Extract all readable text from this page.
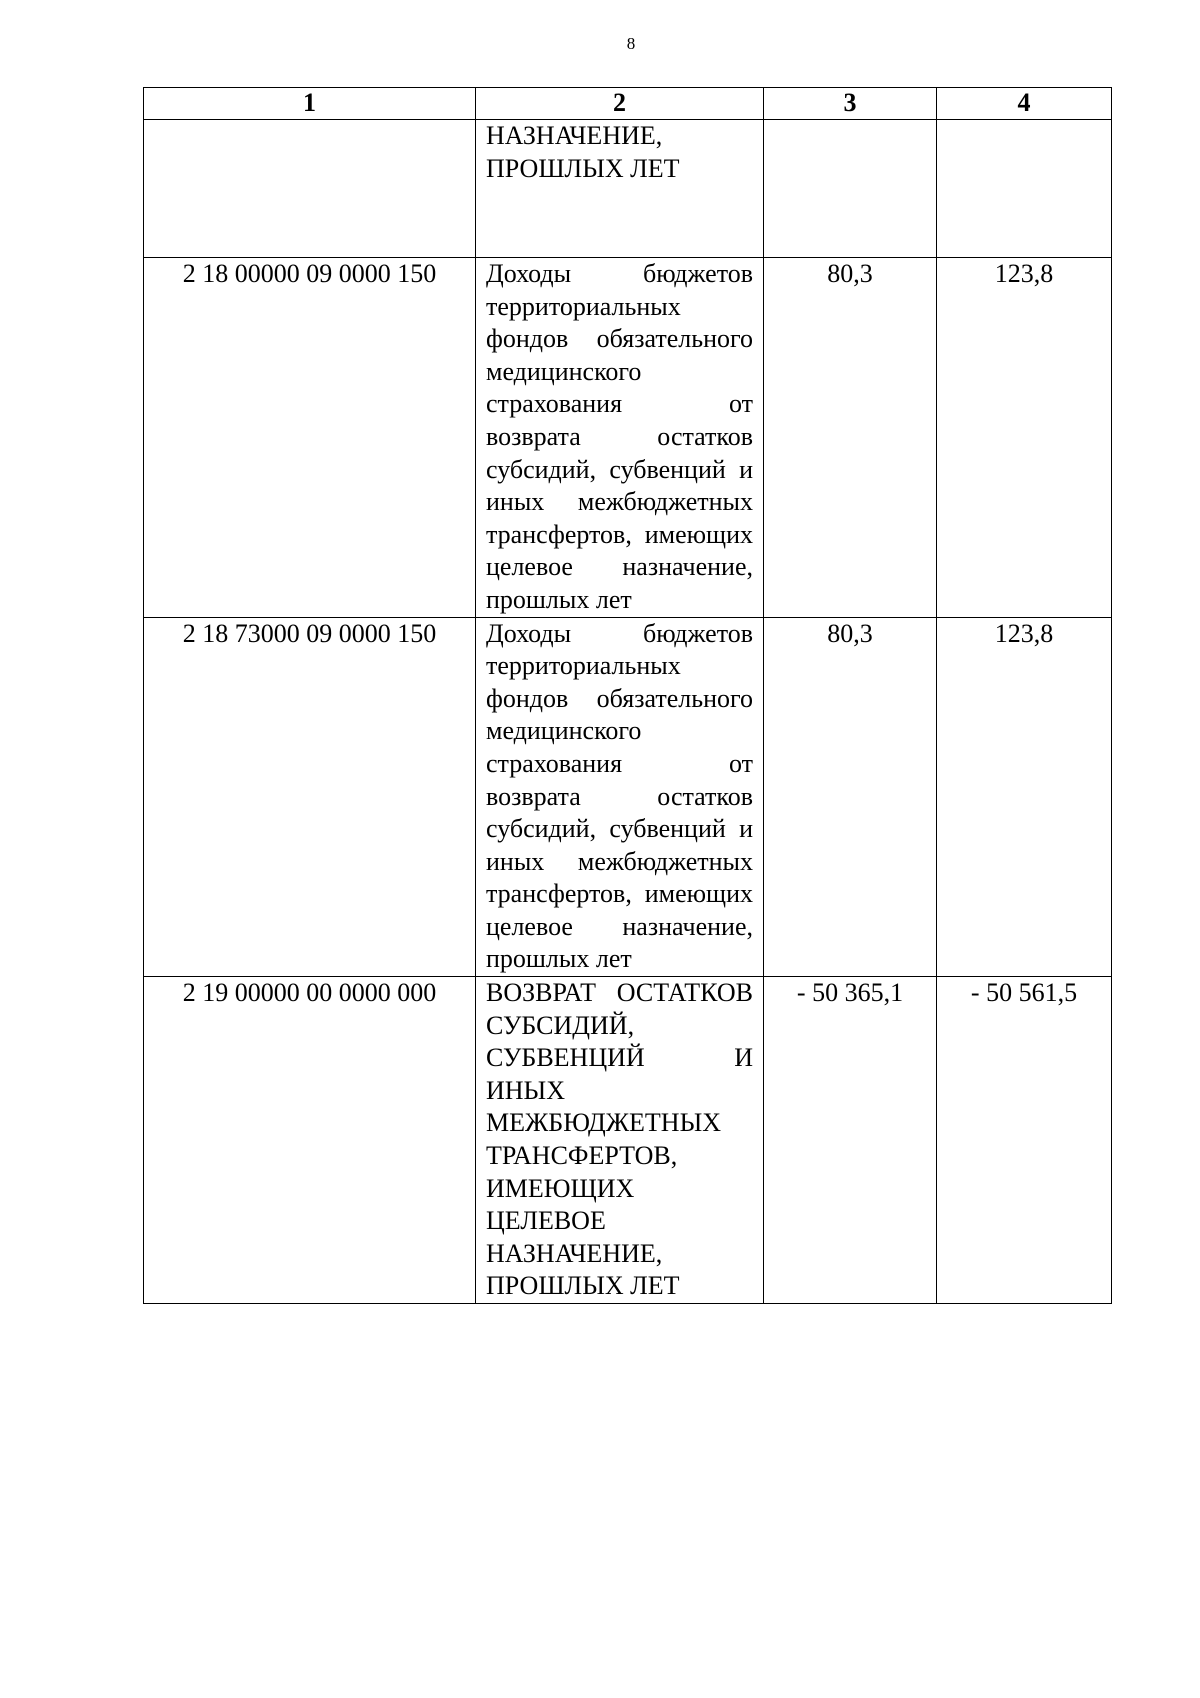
8
1	2	3	4
	НАЗНАЧЕНИЕ, ПРОШЛЫХ ЛЕТ		
2 18 00000 09 0000 150	Доходы бюджетов территориальных фондов обязательного медицинского страхования от возврата остатков субсидий, субвенций и иных межбюджетных трансфертов, имеющих целевое назначение, прошлых лет	80,3	123,8
2 18 73000 09 0000 150	Доходы бюджетов территориальных фондов обязательного медицинского страхования от возврата остатков субсидий, субвенций и иных межбюджетных трансфертов, имеющих целевое назначение, прошлых лет	80,3	123,8
2 19 00000 00 0000 000	ВОЗВРАТ ОСТАТКОВ СУБСИДИЙ, СУБВЕНЦИЙ И ИНЫХ МЕЖБЮДЖЕТНЫХ ТРАНСФЕРТОВ, ИМЕЮЩИХ ЦЕЛЕВОЕ НАЗНАЧЕНИЕ, ПРОШЛЫХ ЛЕТ	- 50 365,1	- 50 561,5
